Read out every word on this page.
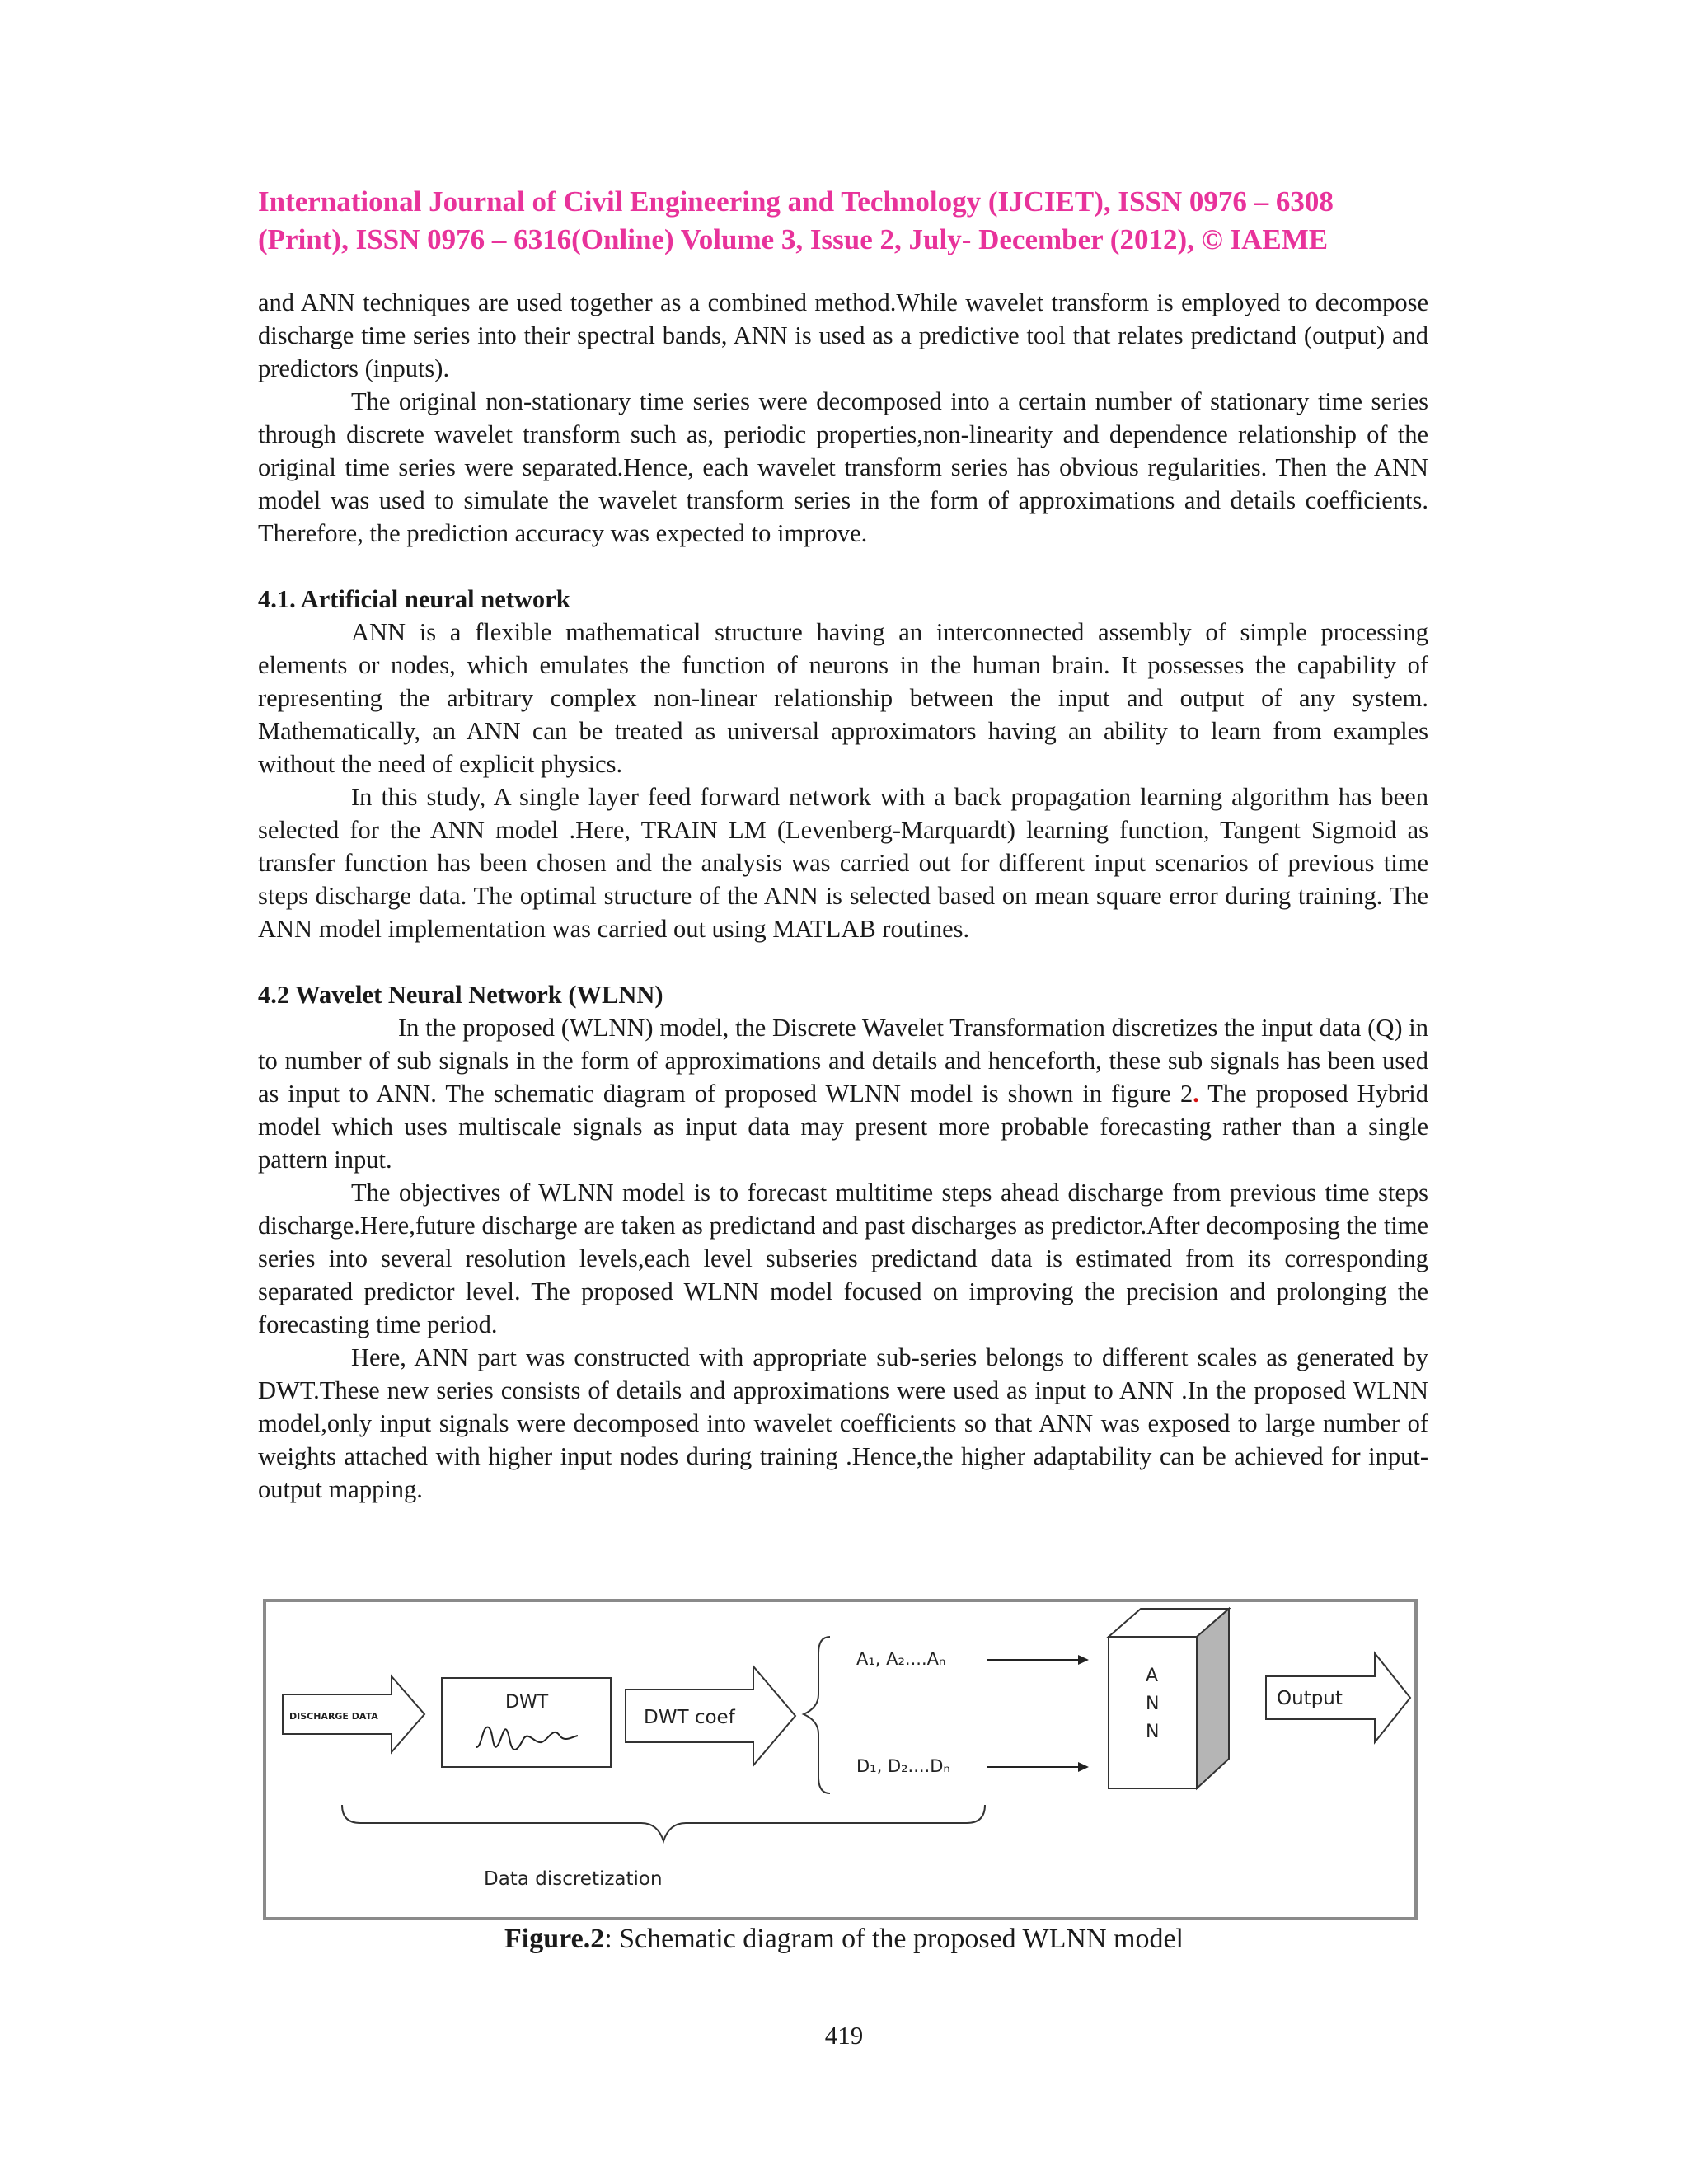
International Journal of Civil Engineering and Technology (IJCIET), ISSN 0976 – 6308
(Print), ISSN 0976 – 6316(Online) Volume 3, Issue 2, July- December (2012), © IAEME

and ANN techniques are used together as a combined method.While wavelet transform is employed to decompose discharge time series into their spectral bands, ANN is used as a predictive tool that relates predictand (output) and predictors (inputs).

The original non-stationary time series were decomposed into a certain number of stationary time series through discrete wavelet transform such as, periodic properties,non-linearity and dependence relationship of the original time series were separated.Hence, each wavelet transform series has obvious regularities. Then the ANN model was used to simulate the wavelet transform series in the form of approximations and details coefficients. Therefore, the prediction accuracy was expected to improve.

4.1. Artificial neural network

ANN is a flexible mathematical structure having an interconnected assembly of simple processing elements or nodes, which emulates the function of neurons in the human brain. It possesses the capability of representing the arbitrary complex non-linear relationship between the input and output of any system. Mathematically, an ANN can be treated as universal approximators having an ability to learn from examples without the need of explicit physics.

In this study, A single layer feed forward network with a back propagation learning algorithm has been selected for the ANN model .Here, TRAIN LM (Levenberg-Marquardt) learning function, Tangent Sigmoid as transfer function has been chosen and the analysis was carried out for different input scenarios of previous time steps discharge data. The optimal structure of the ANN is selected based on mean square error during training. The ANN model implementation was carried out using MATLAB routines.

4.2 Wavelet Neural Network (WLNN)

In the proposed (WLNN) model, the Discrete Wavelet Transformation discretizes the input data (Q) in to number of sub signals in the form of approximations and details and henceforth, these sub signals has been used as input to ANN. The schematic diagram of proposed WLNN model is shown in figure 2. The proposed Hybrid model which uses multiscale signals as input data may present more probable forecasting rather than a single pattern input.

The objectives of WLNN model is to forecast multitime steps ahead discharge from previous time steps discharge.Here,future discharge are taken as predictand and past discharges as predictor.After decomposing the time series into several resolution levels,each level subseries predictand data is estimated from its corresponding separated predictor level. The proposed WLNN model focused on improving the precision and prolonging the forecasting time period.

Here, ANN part was constructed with appropriate sub-series belongs to different scales as generated by DWT.These new series consists of details and approximations were used as input to ANN .In the proposed WLNN model,only input signals were decomposed into wavelet coefficients so that ANN was exposed to large number of weights attached with higher input nodes during training .Hence,the higher adaptability can be achieved for input- output mapping.

DISCHARGE DATA
DWT
DWT coef
A₁, A₂....Aₙ
D₁, D₂....Dₙ
A
N
N
Output
Data discretization
Figure.2: Schematic diagram of the proposed WLNN model
419
